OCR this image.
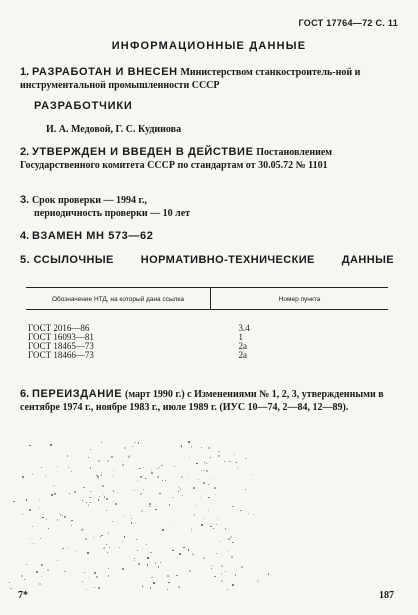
ГОСТ 17764—72 С. 11
ИНФОРМАЦИОННЫЕ ДАННЫЕ
1. РАЗРАБОТАН И ВНЕСЕН Министерством станкостроитель-ной и инструментальной промышленности СССР
РАЗРАБОТЧИКИ
И. А. Медовой, Г. С. Кудинова
2. УТВЕРЖДЕН И ВВЕДЕН В ДЕЙСТВИЕ Постановлением Государственного комитета СССР по стандартам от 30.05.72 № 1101
3. Срок проверки — 1994 г.,
периодичность проверки — 10 лет
4. ВЗАМЕН МН 573—62
5. ССЫЛОЧНЫЕ НОРМАТИВНО-ТЕХНИЧЕСКИЕ ДАННЫЕ
Обозначение НТД, на который дана ссылка	Номер пункта
ГОСТ 2016—86	3.4
ГОСТ 16093—81	1
ГОСТ 18465—73	2а
ГОСТ 18466—73	2а
6. ПЕРЕИЗДАНИЕ (март 1990 г.) с Изменениями № 1, 2, 3, утвержденными в сентябре 1974 г., ноябре 1983 г., июле 1989 г. (ИУС 10—74, 2—84, 12—89).
7*	187
